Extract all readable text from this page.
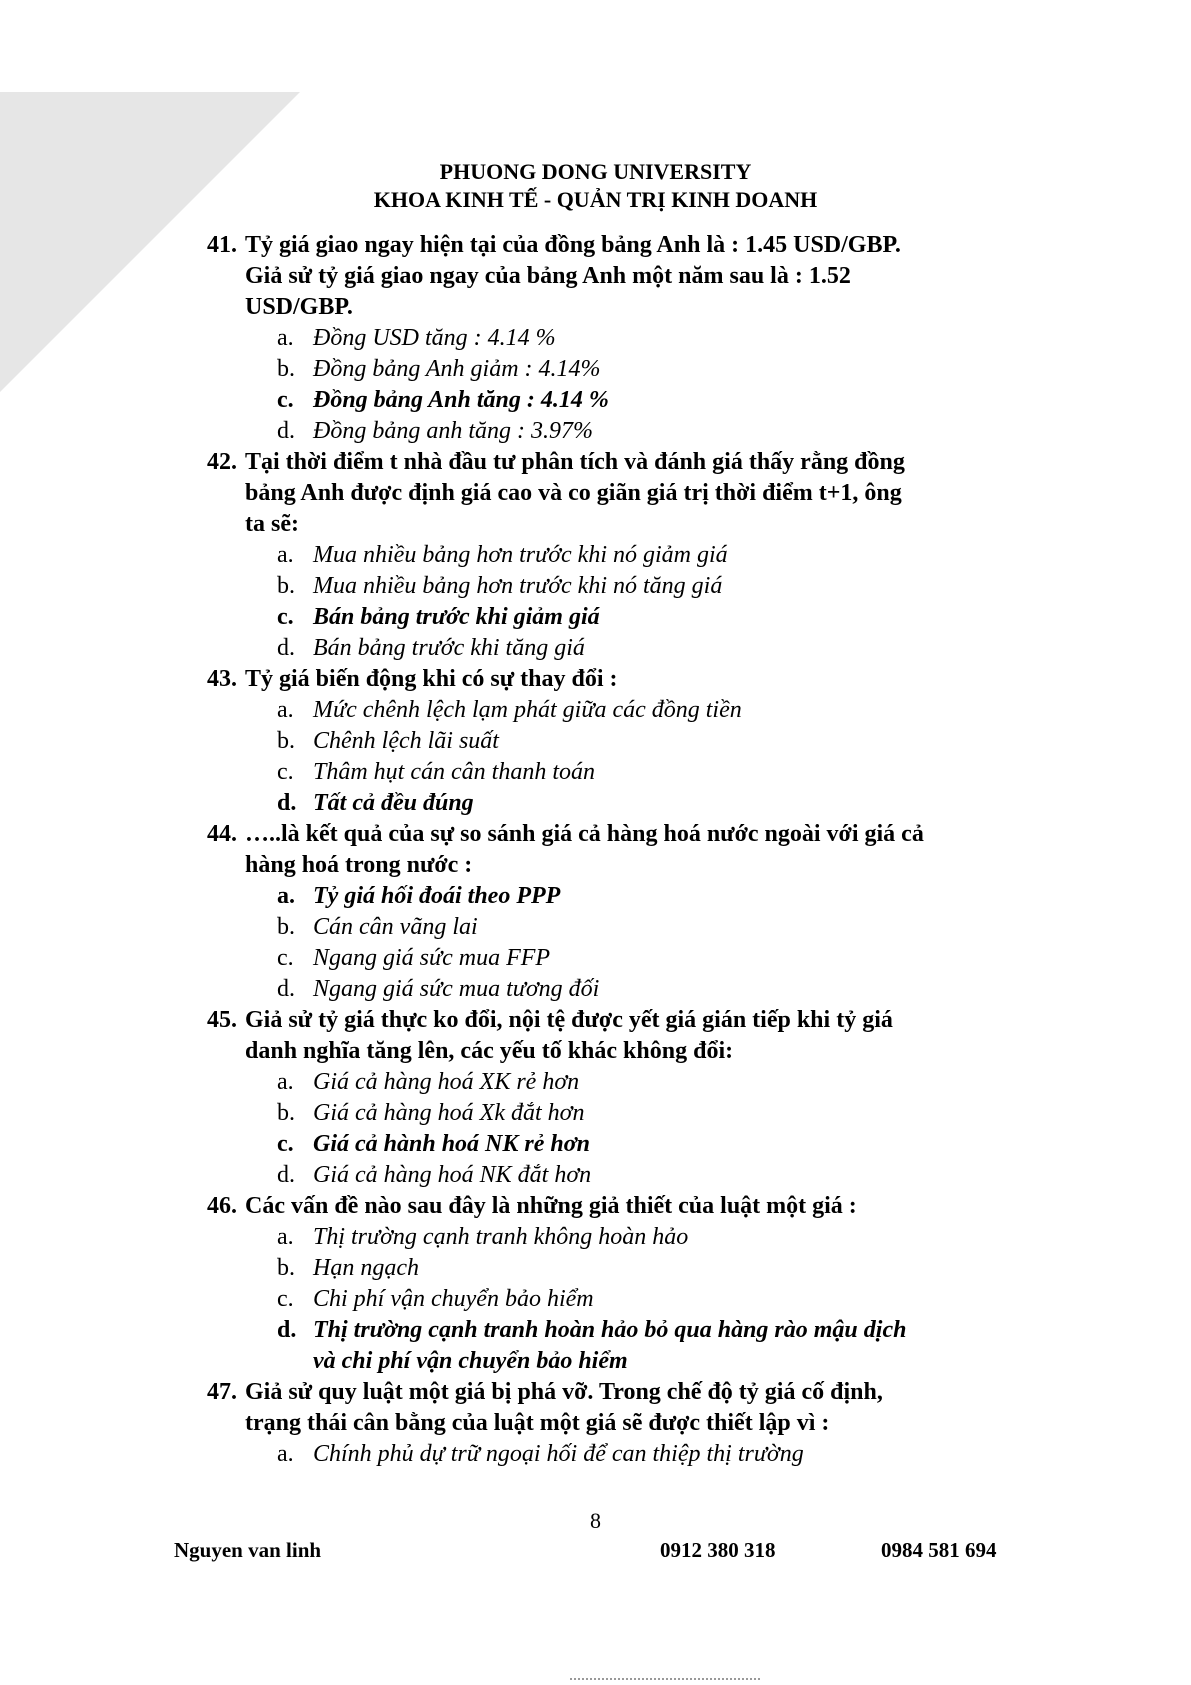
PHUONG DONG UNIVERSITY
KHOA KINH TẾ - QUẢN TRỊ KINH DOANH
41. Tỷ giá giao ngay hiện tại của đồng bảng Anh là : 1.45 USD/GBP.
Giả sử tỷ giá giao ngay của bảng Anh một năm sau là : 1.52
USD/GBP.
a. Đồng USD tăng : 4.14 %
b. Đồng bảng Anh giảm : 4.14%
c. Đồng bảng Anh tăng : 4.14 %
d. Đồng bảng anh tăng : 3.97%
42. Tại thời điểm t nhà đầu tư phân tích và đánh giá thấy rằng đồng
bảng Anh được định giá cao và co giãn giá trị thời điểm t+1, ông
ta sẽ:
a. Mua nhiều bảng hơn trước khi nó giảm giá
b. Mua nhiều bảng hơn trước khi nó tăng giá
c. Bán bảng trước khi giảm giá
d. Bán bảng trước khi tăng giá
43. Tỷ giá biến động khi có sự thay đổi :
a. Mức chênh lệch lạm phát giữa các đồng tiền
b. Chênh lệch lãi suất
c. Thâm hụt cán cân thanh toán
d. Tất cả đều đúng
44. …..là kết quả của sự so sánh giá cả hàng hoá nước ngoài với giá cả
hàng hoá trong nước :
a. Tỷ giá hối đoái theo PPP
b. Cán cân vãng lai
c. Ngang giá sức mua FFP
d. Ngang giá sức mua tương đối
45. Giả sử tỷ giá thực ko đổi, nội tệ được yết giá gián tiếp khi tỷ giá
danh nghĩa tăng lên, các yếu tố khác không đổi:
a. Giá cả hàng hoá XK rẻ hơn
b. Giá cả hàng hoá Xk đắt hơn
c. Giá cả hành hoá NK rẻ hơn
d. Giá cả hàng hoá NK đắt hơn
46. Các vấn đề nào sau đây là những giả thiết của luật một giá :
a. Thị trường cạnh tranh không hoàn hảo
b. Hạn ngạch
c. Chi phí vận chuyển bảo hiểm
d. Thị trường cạnh tranh hoàn hảo bỏ qua hàng rào mậu dịch
và chi phí vận chuyển bảo hiểm
47. Giả sử quy luật một giá bị phá vỡ. Trong chế độ tỷ giá cố định,
trạng thái cân bằng của luật một giá sẽ được thiết lập vì :
a. Chính phủ dự trữ ngoại hối để can thiệp thị trường
8
Nguyen van linh	0912 380 318	0984 581 694
